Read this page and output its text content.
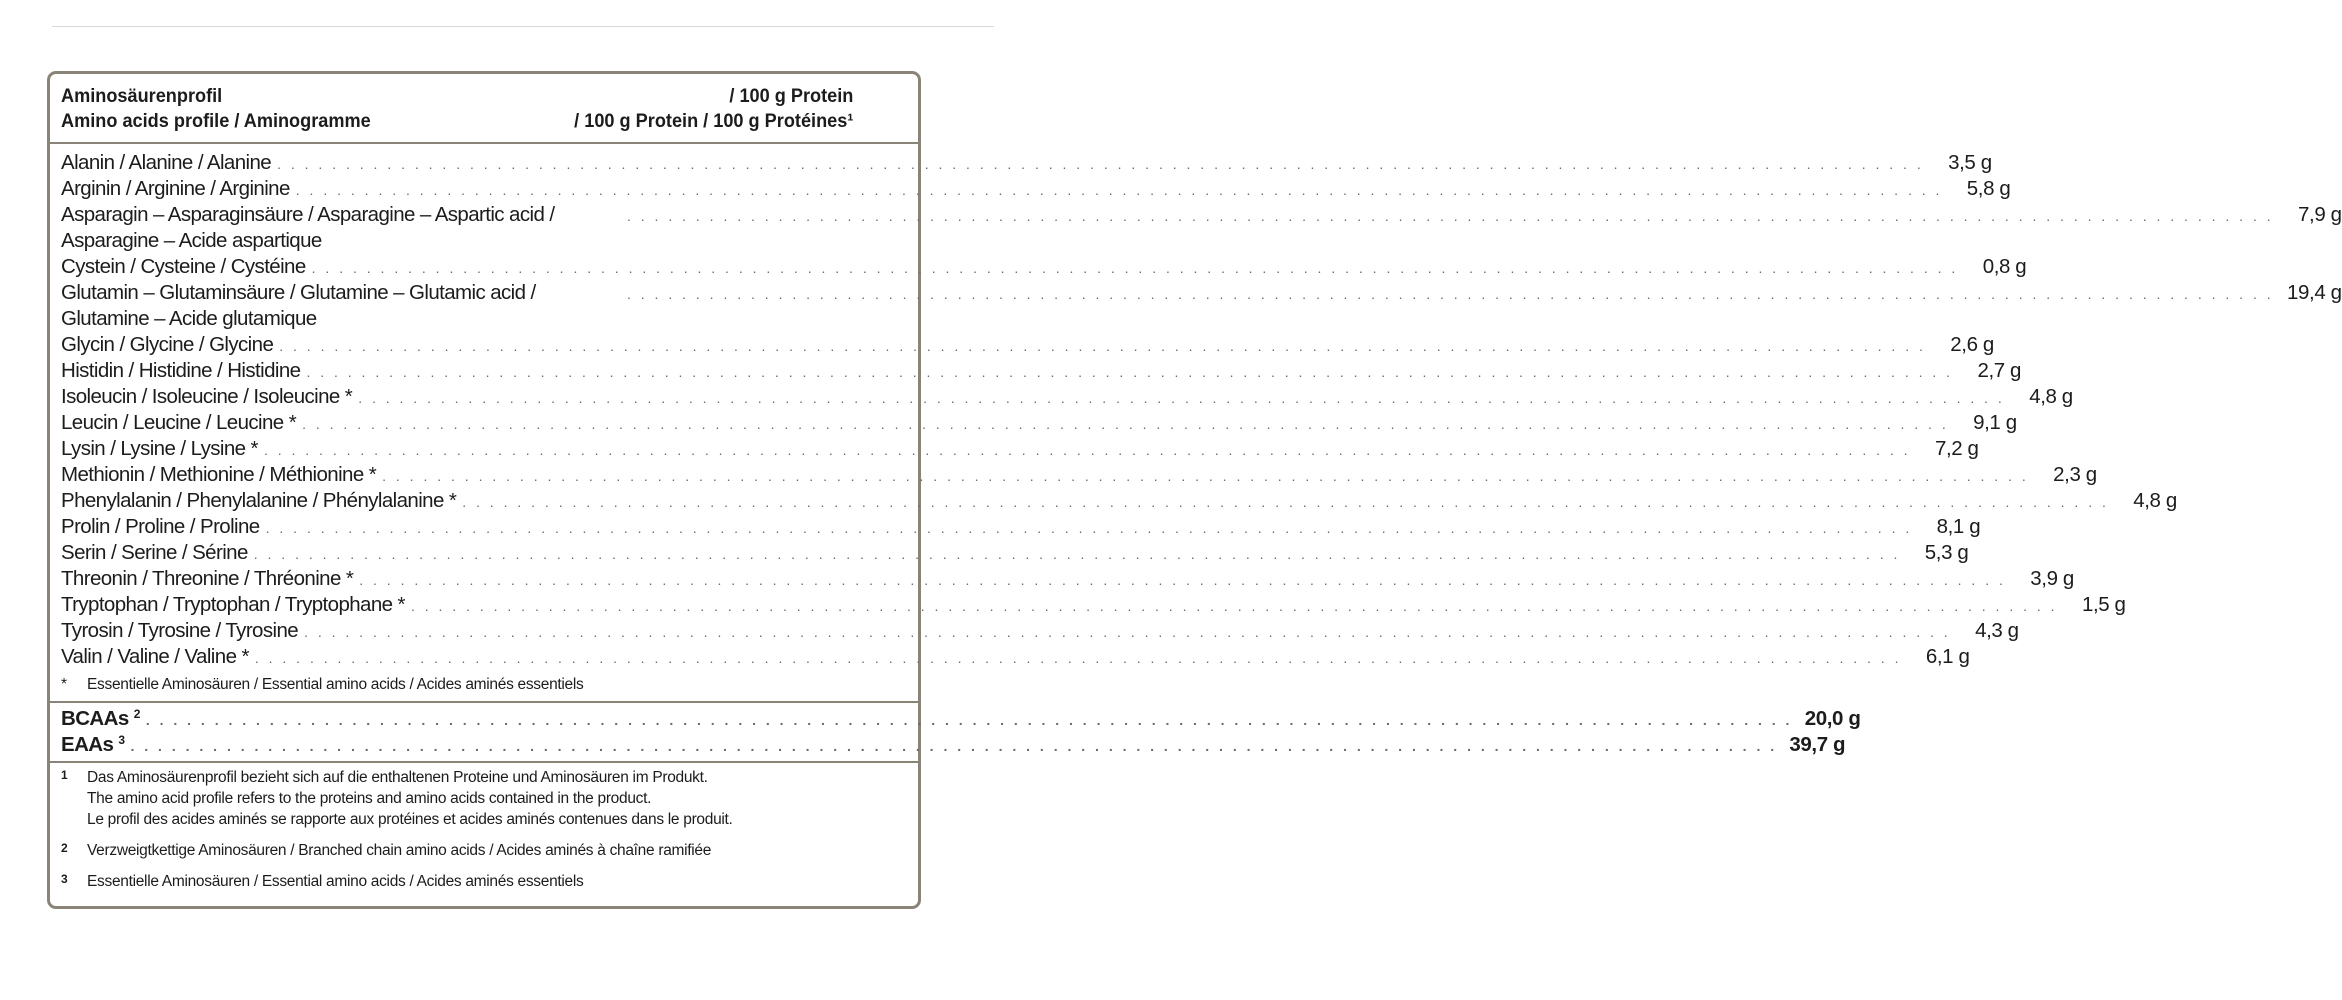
Aminosäurenprofil	/ 100 g Protein
Amino acids profile / Aminogramme	/ 100 g Protein / 100 g Protéines¹
Alanin / Alanine / Alanine . . . . . . . . . . . . . . . . . . . . . . . . . . . . . . . . . . . . . . . . . . . . . . . . . . . . . . . . . . . . . . . . . . . . . . . . . . . . . . . . . . . . . . . . . . . . . . . . . . . . . . . . . . . . . . . . . . . . . . . .	3,5 g
Arginin / Arginine / Arginine . . . . . . . . . . . . . . . . . . . . . . . . . . . . . . . . . . . . . . . . . . . . . . . . . . . . . . . . . . . . . . . . . . . . . . . . . . . . . . . . . . . . . . . . . . . . . . . . . . . . . . . . . . . . . . . . . . . . . . . .	5,8 g
Asparagin – Asparaginsäure / Asparagine – Aspartic acid / Asparagine – Acide aspartique
. . . . . . . . . . . . . . . . . . . . . . . . . . . . . . . . . . . . . . . . . . . . . . . . . . . . . . . . . . . . . . . . . . . . . . . . . . . . . . . . . . . . . . . . . . . . . . . . . . . . . . . . . . . . . . . . . . . . . . . .	7,9 g
Cystein / Cysteine / Cystéine . . . . . . . . . . . . . . . . . . . . . . . . . . . . . . . . . . . . . . . . . . . . . . . . . . . . . . . . . . . . . . . . . . . . . . . . . . . . . . . . . . . . . . . . . . . . . . . . . . . . . . . . . . . . . . . . . . . . . . . .	0,8 g
Glutamin – Glutaminsäure / Glutamine – Glutamic acid / Glutamine – Acide glutamique
. . . . . . . . . . . . . . . . . . . . . . . . . . . . . . . . . . . . . . . . . . . . . . . . . . . . . . . . . . . . . . . . . . . . . . . . . . . . . . . . . . . . . . . . . . . . . . . . . . . . . . . . . . . . . . . . . . . . . . . . 19,4 g
Glycin / Glycine / Glycine . . . . . . . . . . . . . . . . . . . . . . . . . . . . . . . . . . . . . . . . . . . . . . . . . . . . . . . . . . . . . . . . . . . . . . . . . . . . . . . . . . . . . . . . . . . . . . . . . . . . . . . . . . . . . . . . . . . . . . . .	2,6 g
Histidin / Histidine / Histidine . . . . . . . . . . . . . . . . . . . . . . . . . . . . . . . . . . . . . . . . . . . . . . . . . . . . . . . . . . . . . . . . . . . . . . . . . . . . . . . . . . . . . . . . . . . . . . . . . . . . . . . . . . . . . . . . . . . . . . . .	2,7 g
Isoleucin / Isoleucine / Isoleucine * . . . . . . . . . . . . . . . . . . . . . . . . . . . . . . . . . . . . . . . . . . . . . . . . . . . . . . . . . . . . . . . . . . . . . . . . . . . . . . . . . . . . . . . . . . . . . . . . . . . . . . . . . . . . . . . . . . . . . . . .	4,8 g
Leucin / Leucine / Leucine * . . . . . . . . . . . . . . . . . . . . . . . . . . . . . . . . . . . . . . . . . . . . . . . . . . . . . . . . . . . . . . . . . . . . . . . . . . . . . . . . . . . . . . . . . . . . . . . . . . . . . . . . . . . . . . . . . . . . . . . .	9,1 g
Lysin / Lysine / Lysine * . . . . . . . . . . . . . . . . . . . . . . . . . . . . . . . . . . . . . . . . . . . . . . . . . . . . . . . . . . . . . . . . . . . . . . . . . . . . . . . . . . . . . . . . . . . . . . . . . . . . . . . . . . . . . . . . . . . . . . . .	7,2 g
Methionin / Methionine / Méthionine * . . . . . . . . . . . . . . . . . . . . . . . . . . . . . . . . . . . . . . . . . . . . . . . . . . . . . . . . . . . . . . . . . . . . . . . . . . . . . . . . . . . . . . . . . . . . . . . . . . . . . . . . . . . . . . . . . . . . . . . .	2,3 g
Phenylalanin / Phenylalanine / Phénylalanine * . . . . . . . . . . . . . . . . . . . . . . . . . . . . . . . . . . . . . . . . . . . . . . . . . . . . . . . . . . . . . . . . . . . . . . . . . . . . . . . . . . . . . . . . . . . . . . . . . . . . . . . . . . . . . . . . . . . . . . . .	4,8 g
Prolin / Proline / Proline . . . . . . . . . . . . . . . . . . . . . . . . . . . . . . . . . . . . . . . . . . . . . . . . . . . . . . . . . . . . . . . . . . . . . . . . . . . . . . . . . . . . . . . . . . . . . . . . . . . . . . . . . . . . . . . . . . . . . . . .	8,1 g
Serin / Serine / Sérine . . . . . . . . . . . . . . . . . . . . . . . . . . . . . . . . . . . . . . . . . . . . . . . . . . . . . . . . . . . . . . . . . . . . . . . . . . . . . . . . . . . . . . . . . . . . . . . . . . . . . . . . . . . . . . . . . . . . . . . .	5,3 g
Threonin / Threonine / Thréonine * . . . . . . . . . . . . . . . . . . . . . . . . . . . . . . . . . . . . . . . . . . . . . . . . . . . . . . . . . . . . . . . . . . . . . . . . . . . . . . . . . . . . . . . . . . . . . . . . . . . . . . . . . . . . . . . . . . . . . . . .	3,9 g
Tryptophan / Tryptophan / Tryptophane * . . . . . . . . . . . . . . . . . . . . . . . . . . . . . . . . . . . . . . . . . . . . . . . . . . . . . . . . . . . . . . . . . . . . . . . . . . . . . . . . . . . . . . . . . . . . . . . . . . . . . . . . . . . . . . . . . . . . . . . .	1,5 g
Tyrosin / Tyrosine / Tyrosine . . . . . . . . . . . . . . . . . . . . . . . . . . . . . . . . . . . . . . . . . . . . . . . . . . . . . . . . . . . . . . . . . . . . . . . . . . . . . . . . . . . . . . . . . . . . . . . . . . . . . . . . . . . . . . . . . . . . . . . .	4,3 g
Valin / Valine / Valine * . . . . . . . . . . . . . . . . . . . . . . . . . . . . . . . . . . . . . . . . . . . . . . . . . . . . . . . . . . . . . . . . . . . . . . . . . . . . . . . . . . . . . . . . . . . . . . . . . . . . . . . . . . . . . . . . . . . . . . . .	6,1 g
* Essentielle Aminosäuren / Essential amino acids / Acides aminés essentiels
BCAAs $^2$ . . . . . . . . . . . . . . . . . . . . . . . . . . . . . . . . . . . . . . . . . . . . . . . . . . . . . . . . . . . . . . . . . . . . . . . . . . . . . . . . . . . . . . . . . . . . . . . . . . . . . . . . . . . . . . . . . . . . . . . . 20,0 g
EAAs $^3$ . . . . . . . . . . . . . . . . . . . . . . . . . . . . . . . . . . . . . . . . . . . . . . . . . . . . . . . . . . . . . . . . . . . . . . . . . . . . . . . . . . . . . . . . . . . . . . . . . . . . . . . . . . . . . . . . . . . . . . . . 39,7 g
1	Das Aminosäurenprofil bezieht sich auf die enthaltenen Proteine und Aminosäuren im Produkt.
The amino acid profile refers to the proteins and amino acids contained in the product.
Le profil des acides aminés se rapporte aux protéines et acides aminés contenues dans le produit.
2	Verzweigtkettige Aminosäuren / Branched chain amino acids / Acides aminés à chaîne ramifiée
3	Essentielle Aminosäuren / Essential amino acids / Acides aminés essentiels
